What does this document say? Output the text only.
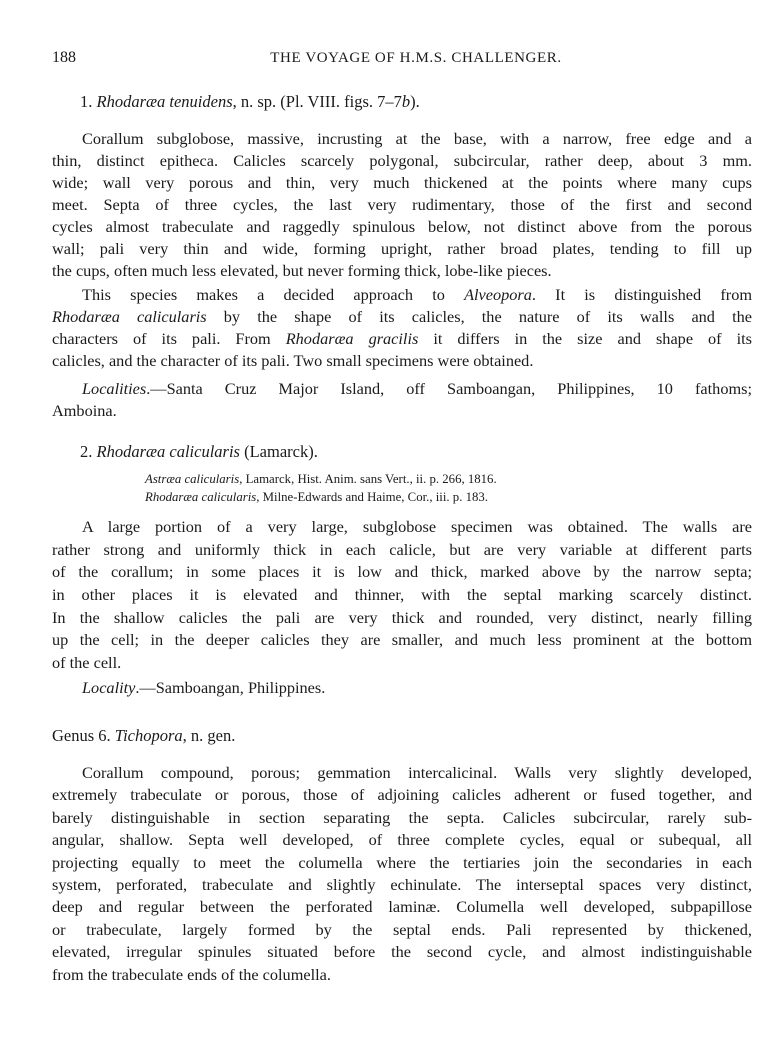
188	THE VOYAGE OF H.M.S. CHALLENGER.
1. Rhodaræa tenuidens, n. sp. (Pl. VIII. figs. 7–7b).
Corallum subglobose, massive, incrusting at the base, with a narrow, free edge and a
thin, distinct epitheca. Calicles scarcely polygonal, subcircular, rather deep, about 3 mm.
wide; wall very porous and thin, very much thickened at the points where many cups
meet. Septa of three cycles, the last very rudimentary, those of the first and second
cycles almost trabeculate and raggedly spinulous below, not distinct above from the porous
wall; pali very thin and wide, forming upright, rather broad plates, tending to fill up
the cups, often much less elevated, but never forming thick, lobe-like pieces.
This species makes a decided approach to Alveopora. It is distinguished from
Rhodaræa calicularis by the shape of its calicles, the nature of its walls and the
characters of its pali. From Rhodaræa gracilis it differs in the size and shape of its
calicles, and the character of its pali. Two small specimens were obtained.
Localities.—Santa Cruz Major Island, off Samboangan, Philippines, 10 fathoms;
Amboina.
2. Rhodaræa calicularis (Lamarck).
Astræa calicularis, Lamarck, Hist. Anim. sans Vert., ii. p. 266, 1816.
Rhodaræa calicularis, Milne-Edwards and Haime, Cor., iii. p. 183.
A large portion of a very large, subglobose specimen was obtained. The walls are
rather strong and uniformly thick in each calicle, but are very variable at different parts
of the corallum; in some places it is low and thick, marked above by the narrow septa;
in other places it is elevated and thinner, with the septal marking scarcely distinct.
In the shallow calicles the pali are very thick and rounded, very distinct, nearly filling
up the cell; in the deeper calicles they are smaller, and much less prominent at the bottom
of the cell.
Locality.—Samboangan, Philippines.
Genus 6. Tichopora, n. gen.
Corallum compound, porous; gemmation intercalicinal. Walls very slightly developed,
extremely trabeculate or porous, those of adjoining calicles adherent or fused together, and
barely distinguishable in section separating the septa. Calicles subcircular, rarely sub-
angular, shallow. Septa well developed, of three complete cycles, equal or subequal, all
projecting equally to meet the columella where the tertiaries join the secondaries in each
system, perforated, trabeculate and slightly echinulate. The interseptal spaces very distinct,
deep and regular between the perforated laminæ. Columella well developed, subpapillose
or trabeculate, largely formed by the septal ends. Pali represented by thickened,
elevated, irregular spinules situated before the second cycle, and almost indistinguishable
from the trabeculate ends of the columella.
